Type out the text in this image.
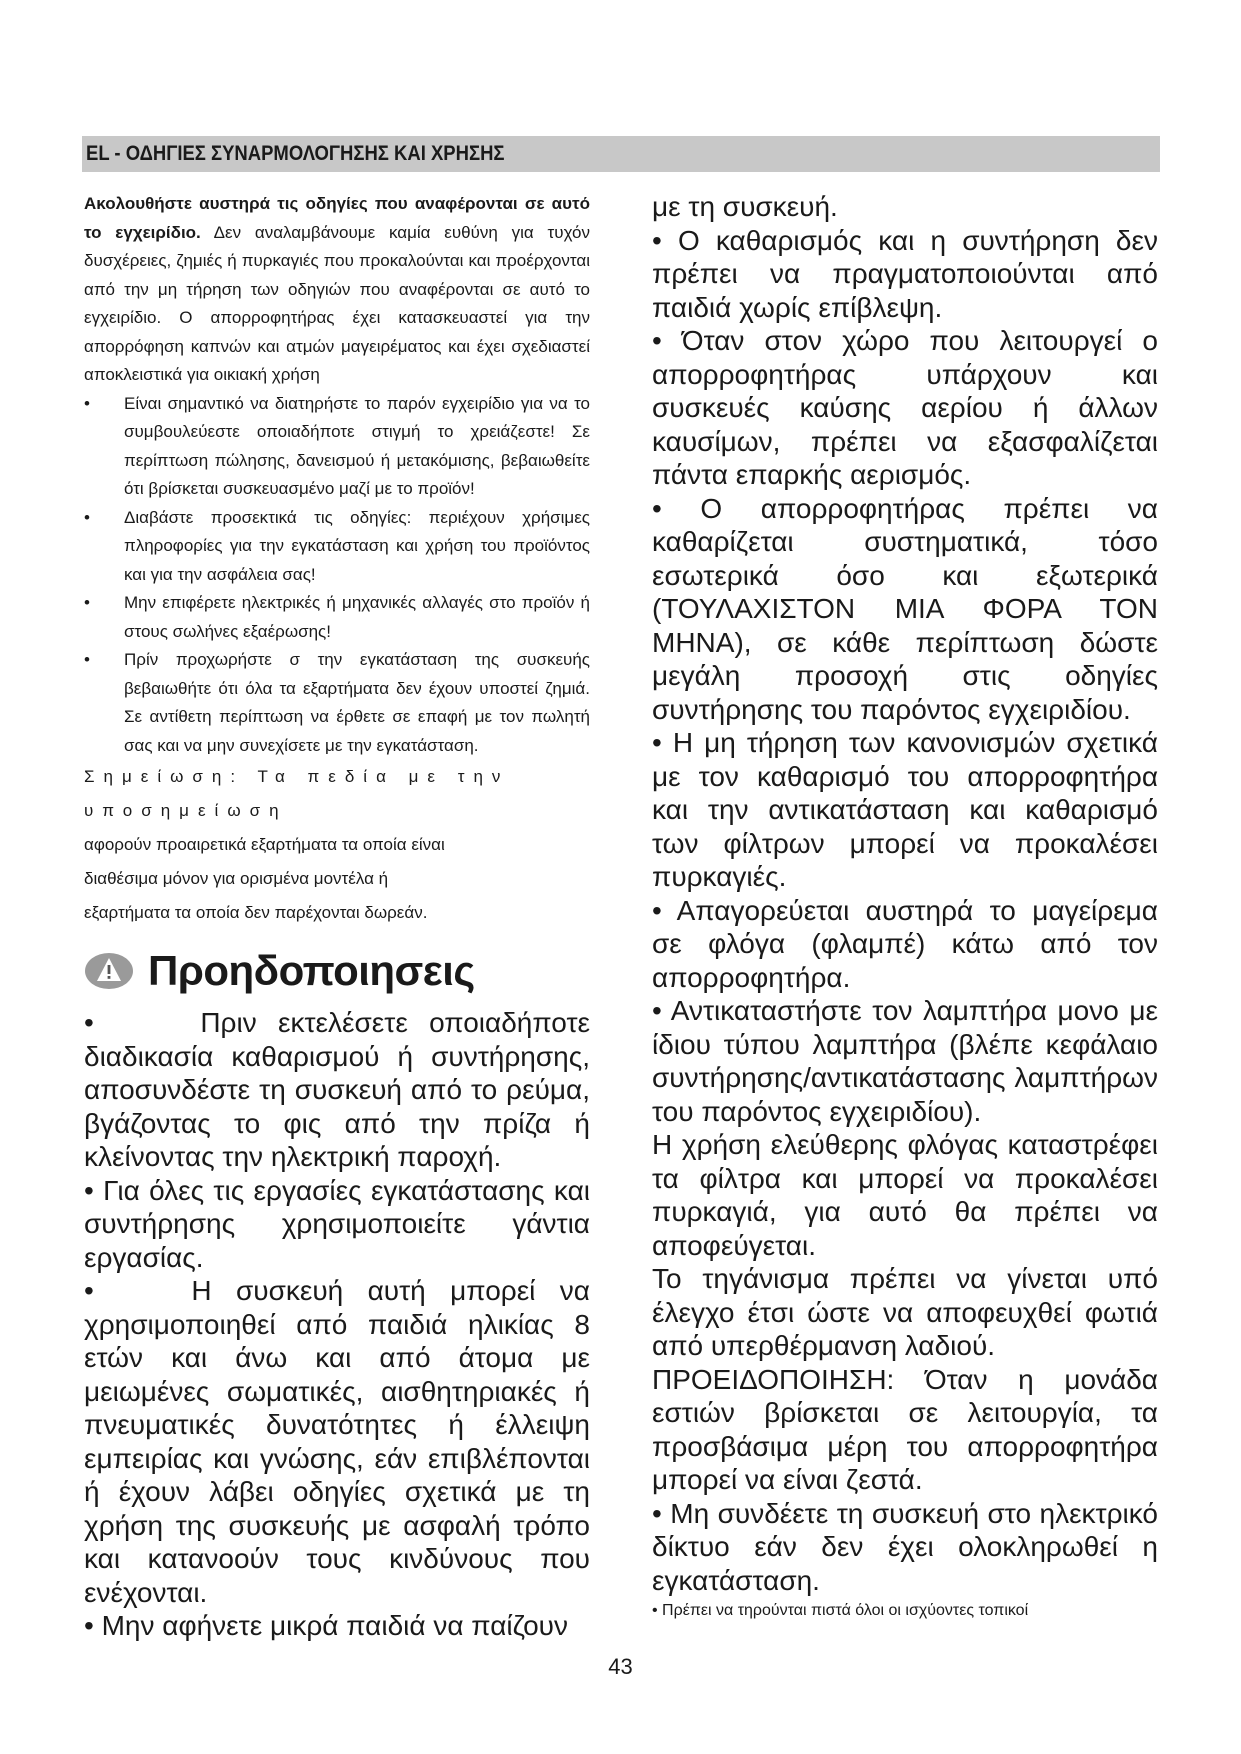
EL - ΟΔΗΓΙΕΣ ΣΥΝΑΡΜΟΛΟΓΗΣΗΣ ΚΑΙ ΧΡΗΣΗΣ

Ακολουθήστε αυστηρά τις οδηγίες που αναφέρονται σε αυτό το εγχειρίδιο. Δεν αναλαμβάνουμε καμία ευθύνη για τυχόν δυσχέρειες, ζημιές ή πυρκαγιές που προκαλούνται και προέρχονται από την μη τήρηση των οδηγιών που αναφέρονται σε αυτό το εγχειρίδιο. Ο απορροφητήρας έχει κατασκευαστεί για την απορρόφηση καπνών και ατμών μαγειρέματος και έχει σχεδιαστεί αποκλειστικά για οικιακή χρήση

• Είναι σημαντικό να διατηρήστε το παρόν εγχειρίδιο για να το συμβουλεύεστε οποιαδήποτε στιγμή το χρειάζεστε! Σε περίπτωση πώλησης, δανεισμού ή μετακόμισης, βεβαιωθείτε ότι βρίσκεται συσκευασμένο μαζί με το προϊόν!
• Διαβάστε προσεκτικά τις οδηγίες: περιέχουν χρήσιμες πληροφορίες για την εγκατάσταση και χρήση του προϊόντος και για την ασφάλεια σας!
• Μην επιφέρετε ηλεκτρικές ή μηχανικές αλλαγές στο προϊόν ή στους σωλήνες εξαέρωσης!
• Πρίν προχωρήστε σ την εγκατάσταση της συσκευής βεβαιωθήτε ότι όλα τα εξαρτήματα δεν έχουν υποστεί ζημιά. Σε αντίθετη περίπτωση να έρθετε σε επαφή με τον πωλητή σας και να μην συνεχίσετε με την εγκατάσταση.

Σημείωση: Τα πεδία με την υποσημείωση

αφορούν προαιρετικά εξαρτήματα τα οποία είναι

διαθέσιμα μόνον για ορισμένα μοντέλα ή

εξαρτήματα τα οποία δεν παρέχονται δωρεάν.

Προηδοποιησεις

•     Πριν εκτελέσετε οποιαδήποτε διαδικασία καθαρισμού ή συντήρησης, αποσυνδέστε τη συσκευή από το ρεύμα, βγάζοντας το φις από την πρίζα ή κλείνοντας την ηλεκτρική παροχή.

• Για όλες τις εργασίες εγκατάστασης και συντήρησης χρησιμοποιείτε γάντια εργασίας.

•    Η συσκευή αυτή μπορεί να χρησιμοποιηθεί από παιδιά ηλικίας 8 ετών και άνω και από άτομα με μειωμένες σωματικές, αισθητηριακές ή πνευματικές δυνατότητες ή έλλειψη εμπειρίας και γνώσης, εάν επιβλέπονται ή έχουν λάβει οδηγίες σχετικά με τη χρήση της συσκευής με ασφαλή τρόπο και κατανοούν τους κινδύνους που ενέχονται.

• Μην αφήνετε μικρά παιδιά να παίζουν

με τη συσκευή.

• Ο καθαρισμός και η συντήρηση δεν πρέπει να πραγματοποιούνται από παιδιά χωρίς επίβλεψη.

• Όταν στον χώρο που λειτουργεί ο απορροφητήρας υπάρχουν και συσκευές καύσης αερίου ή άλλων καυσίμων, πρέπει να εξασφαλίζεται πάντα επαρκής αερισμός.

• Ο απορροφητήρας πρέπει να καθαρίζεται συστηματικά, τόσο εσωτερικά όσο και εξωτερικά (ΤΟΥΛΑΧΙΣΤΟΝ ΜΙΑ ΦΟΡΑ ΤΟΝ ΜΗΝΑ), σε κάθε περίπτωση δώστε μεγάλη προσοχή στις οδηγίες συντήρησης του παρόντος εγχειριδίου.

• Η μη τήρηση των κανονισμών σχετικά με τον καθαρισμό του απορροφητήρα και την αντικατάσταση και καθαρισμό των φίλτρων μπορεί να προκαλέσει πυρκαγιές.

• Απαγορεύεται αυστηρά το μαγείρεμα σε φλόγα (φλαμπέ) κάτω από τον απορροφητήρα.

• Αντικαταστήστε τον λαμπτήρα μονο με ίδιου τύπου λαμπτήρα (βλέπε κεφάλαιο συντήρησης/αντικατάστασης λαμπτήρων του παρόντος εγχειριδίου).

Η χρήση ελεύθερης φλόγας καταστρέφει τα φίλτρα και μπορεί να προκαλέσει πυρκαγιά, για αυτό θα πρέπει να αποφεύγεται.

Το τηγάνισμα πρέπει να γίνεται υπό έλεγχο έτσι ώστε να αποφευχθεί φωτιά από υπερθέρμανση λαδιού.

ΠΡΟΕΙΔΟΠΟΙΗΣΗ: Όταν η μονάδα εστιών βρίσκεται σε λειτουργία, τα προσβάσιμα μέρη του απορροφητήρα μπορεί να είναι ζεστά.

• Μη συνδέετε τη συσκευή στο ηλεκτρικό δίκτυο εάν δεν έχει ολοκληρωθεί η εγκατάσταση.

• Πρέπει να τηρούνται πιστά όλοι οι ισχύοντες τοπικοί

43
